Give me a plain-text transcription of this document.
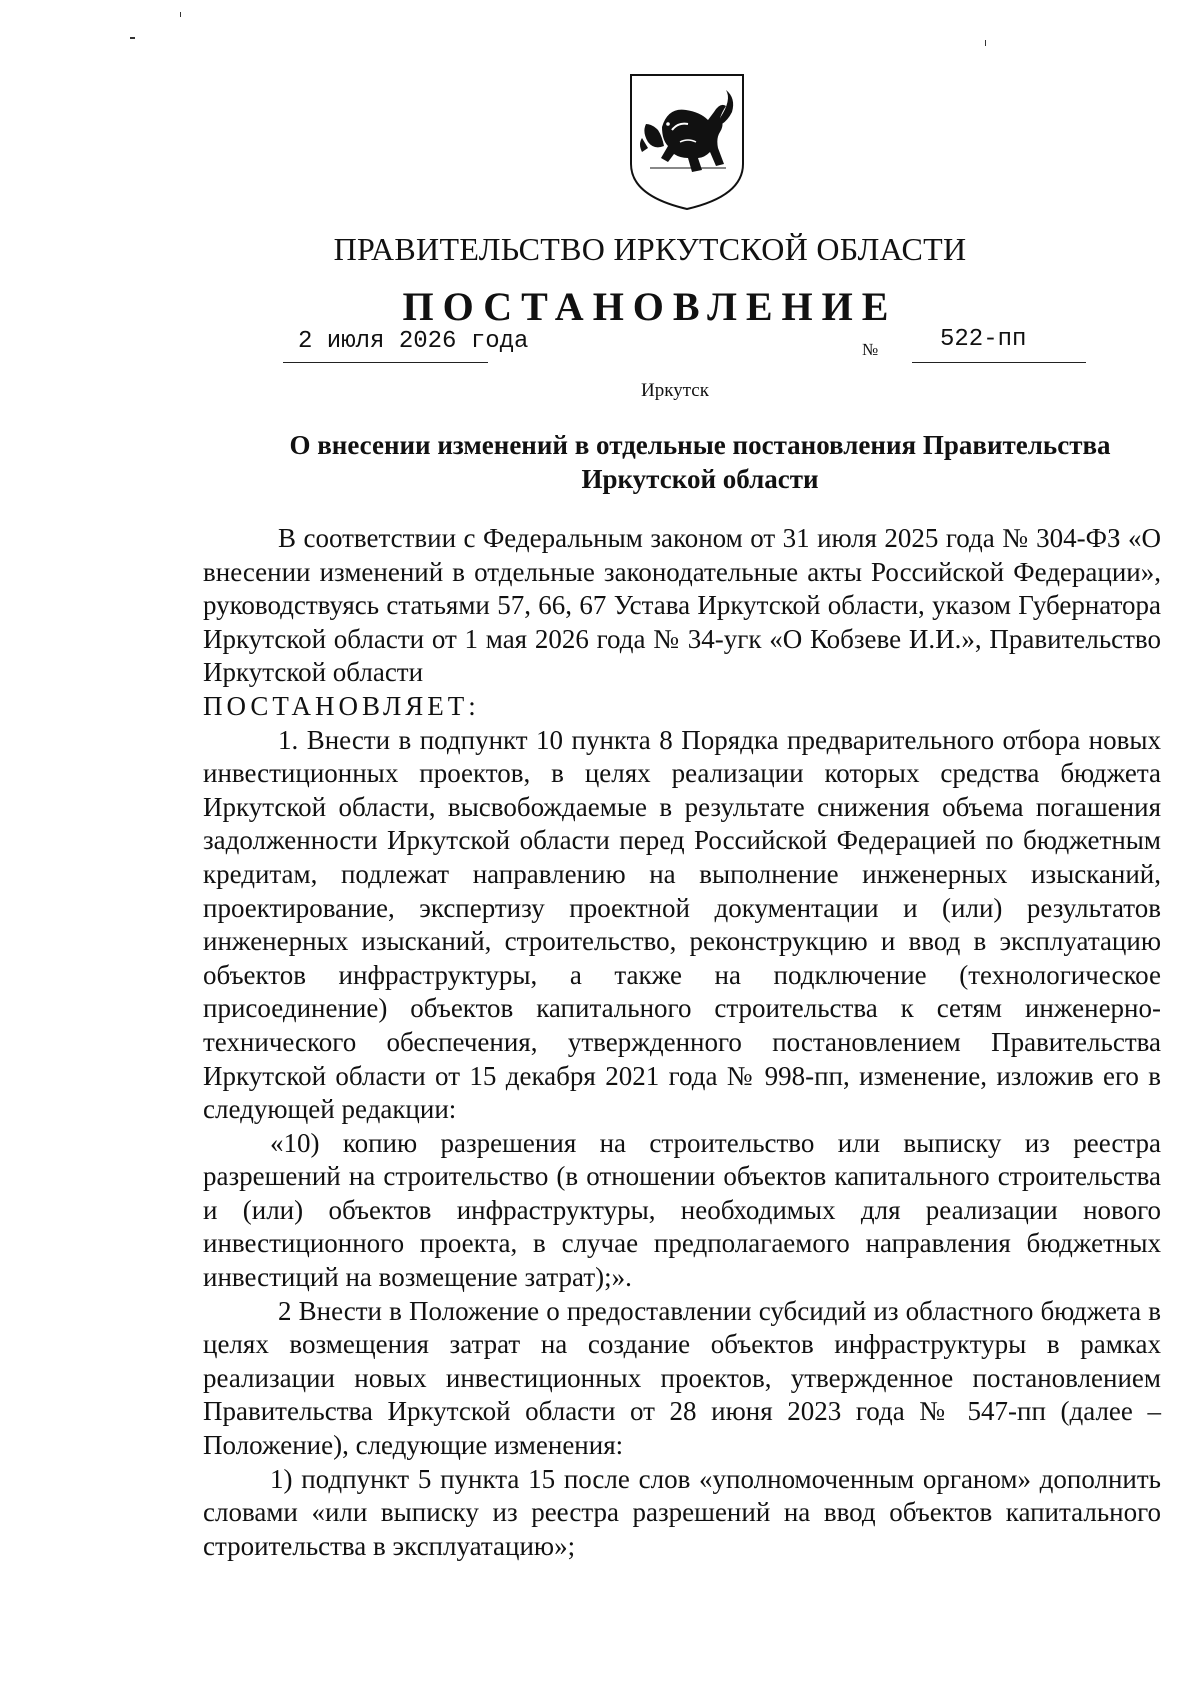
ПРАВИТЕЛЬСТВО ИРКУТСКОЙ ОБЛАСТИ
ПОСТАНОВЛЕНИЕ
2 июля 2026 года	№	522-пп
Иркутск
О внесении изменений в отдельные постановления Правительства Иркутской области

В соответствии с Федеральным законом от 31 июля 2025 года № 304-ФЗ «О внесении изменений в отдельные законодательные акты Российской Федерации», руководствуясь статьями 57, 66, 67 Устава Иркутской области, указом Губернатора Иркутской области от 1 мая 2026 года № 34-угк «О Кобзеве И.И.», Правительство Иркутской области

ПОСТАНОВЛЯЕТ:

1. Внести в подпункт 10 пункта 8 Порядка предварительного отбора новых инвестиционных проектов, в целях реализации которых средства бюджета Иркутской области, высвобождаемые в результате снижения объема погашения задолженности Иркутской области перед Российской Федерацией по бюджетным кредитам, подлежат направлению на выполнение инженерных изысканий, проектирование, экспертизу проектной документации и (или) результатов инженерных изысканий, строительство, реконструкцию и ввод в эксплуатацию объектов инфраструктуры, а также на подключение (технологическое присоединение) объектов капитального строительства к сетям инженерно-технического обеспечения, утвержденного постановлением Правительства Иркутской области от 15 декабря 2021 года № 998-пп, изменение, изложив его в следующей редакции:

«10) копию разрешения на строительство или выписку из реестра разрешений на строительство (в отношении объектов капитального строительства и (или) объектов инфраструктуры, необходимых для реализации нового инвестиционного проекта, в случае предполагаемого направления бюджетных инвестиций на возмещение затрат);».

2 Внести в Положение о предоставлении субсидий из областного бюджета в целях возмещения затрат на создание объектов инфраструктуры в рамках реализации новых инвестиционных проектов, утвержденное постановлением Правительства Иркутской области от 28 июня 2023 года № 547-пп (далее – Положение), следующие изменения:

1) подпункт 5 пункта 15 после слов «уполномоченным органом» дополнить словами «или выписку из реестра разрешений на ввод объектов капитального строительства в эксплуатацию»;
